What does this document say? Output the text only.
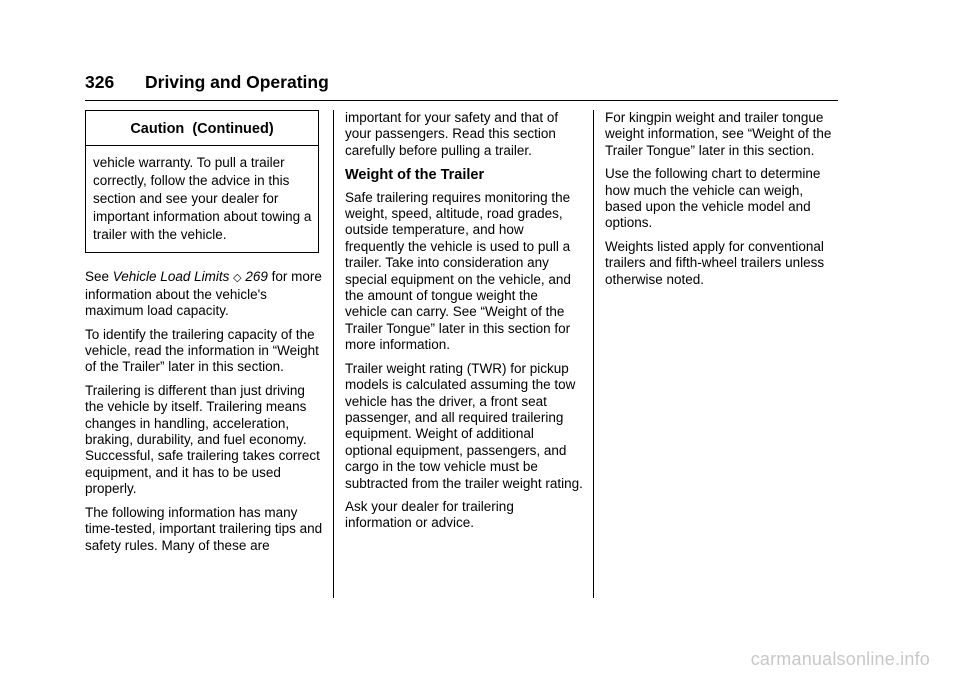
326 Driving and Operating
Caution (Continued)
vehicle warranty. To pull a trailer correctly, follow the advice in this section and see your dealer for important information about towing a trailer with the vehicle.

See Vehicle Load Limits ◇ 269 for more information about the vehicle's maximum load capacity.

To identify the trailering capacity of the vehicle, read the information in “Weight of the Trailer” later in this section.

Trailering is different than just driving the vehicle by itself. Trailering means changes in handling, acceleration, braking, durability, and fuel economy. Successful, safe trailering takes correct equipment, and it has to be used properly.

The following information has many time-tested, important trailering tips and safety rules. Many of these are

important for your safety and that of your passengers. Read this section carefully before pulling a trailer.

Weight of the Trailer

Safe trailering requires monitoring the weight, speed, altitude, road grades, outside temperature, and how frequently the vehicle is used to pull a trailer. Take into consideration any special equipment on the vehicle, and the amount of tongue weight the vehicle can carry. See “Weight of the Trailer Tongue” later in this section for more information.

Trailer weight rating (TWR) for pickup models is calculated assuming the tow vehicle has the driver, a front seat passenger, and all required trailering equipment. Weight of additional optional equipment, passengers, and cargo in the tow vehicle must be subtracted from the trailer weight rating.

Ask your dealer for trailering information or advice.

For kingpin weight and trailer tongue weight information, see “Weight of the Trailer Tongue” later in this section.

Use the following chart to determine how much the vehicle can weigh, based upon the vehicle model and options.

Weights listed apply for conventional trailers and fifth-wheel trailers unless otherwise noted.

carmanualsonline.info
